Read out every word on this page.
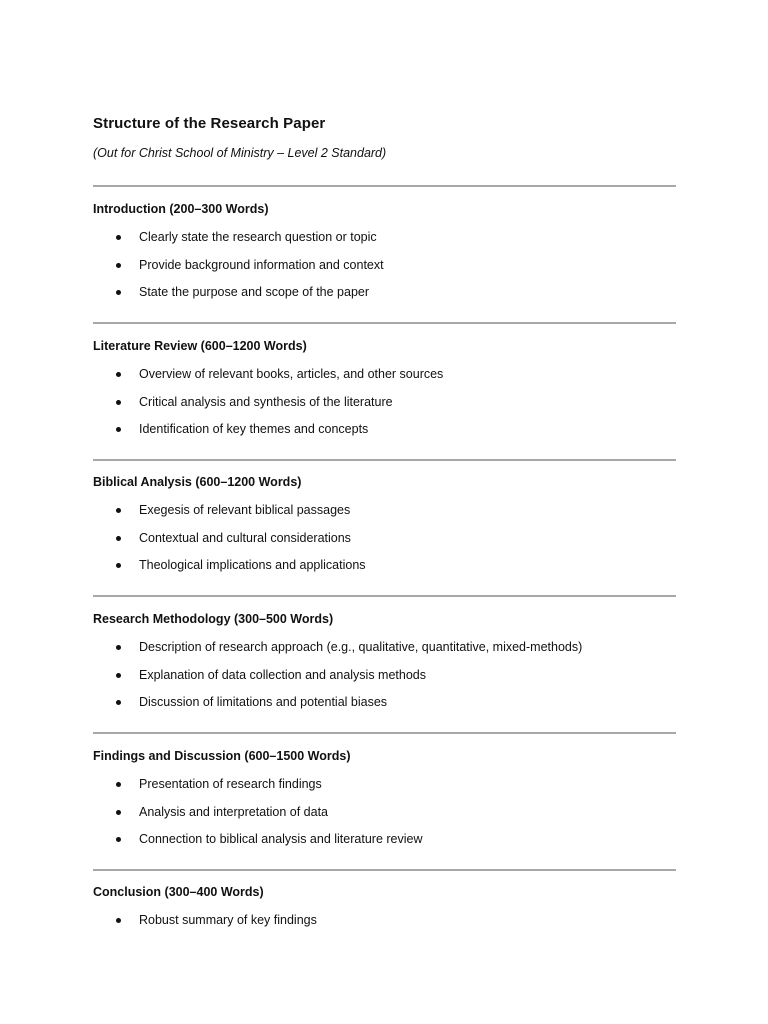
Structure of the Research Paper
(Out for Christ School of Ministry – Level 2 Standard)
Introduction (200–300 Words)
Clearly state the research question or topic
Provide background information and context
State the purpose and scope of the paper
Literature Review (600–1200 Words)
Overview of relevant books, articles, and other sources
Critical analysis and synthesis of the literature
Identification of key themes and concepts
Biblical Analysis (600–1200 Words)
Exegesis of relevant biblical passages
Contextual and cultural considerations
Theological implications and applications
Research Methodology (300–500 Words)
Description of research approach (e.g., qualitative, quantitative, mixed-methods)
Explanation of data collection and analysis methods
Discussion of limitations and potential biases
Findings and Discussion (600–1500 Words)
Presentation of research findings
Analysis and interpretation of data
Connection to biblical analysis and literature review
Conclusion (300–400 Words)
Robust summary of key findings
